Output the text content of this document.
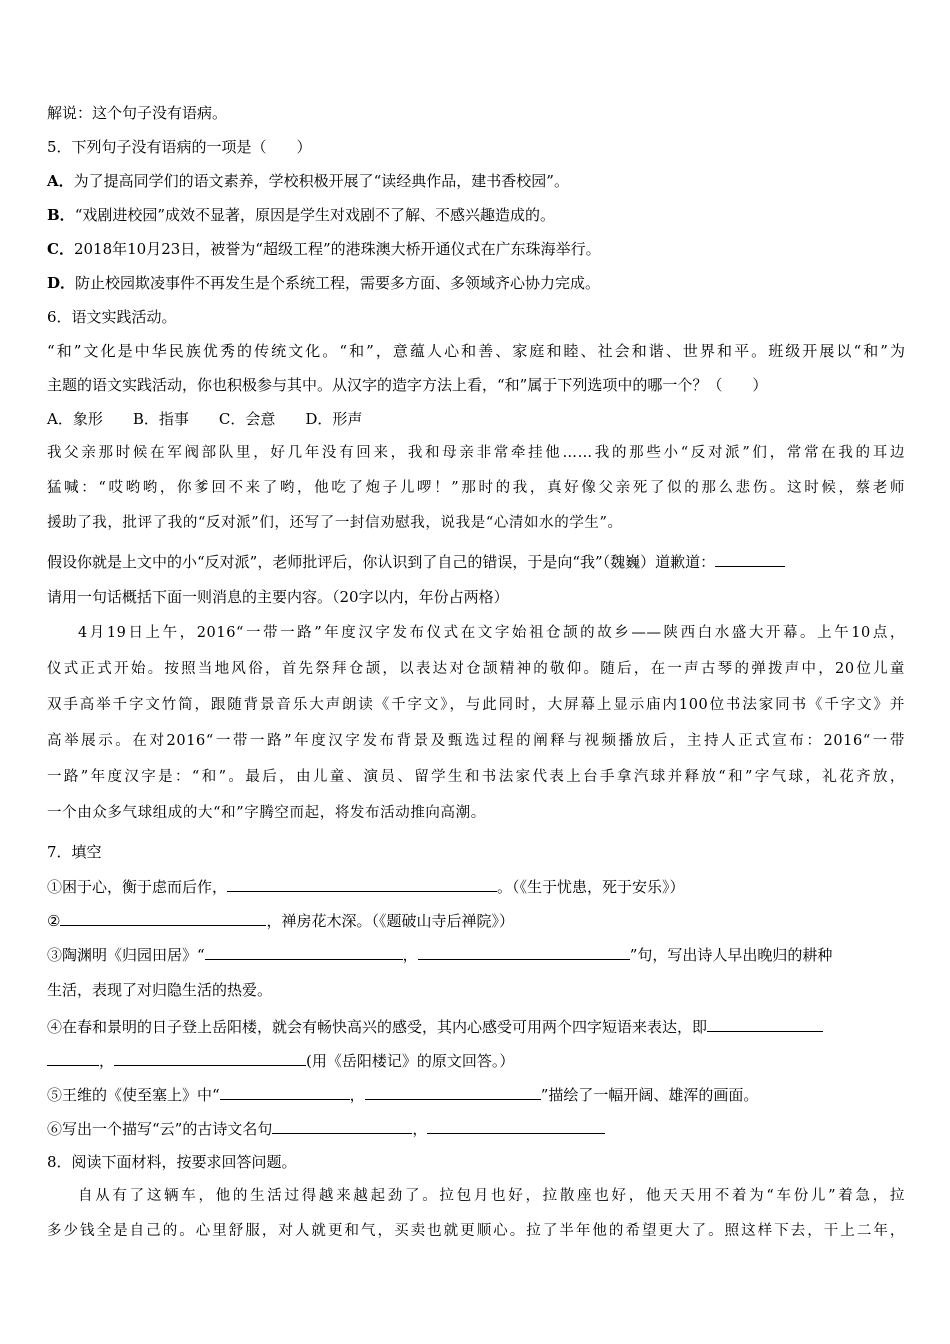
解说：这个句子没有语病。
5．下列句子没有语病的一项是（　　）
A．为了提高同学们的语文素养，学校积极开展了“读经典作品，建书香校园”。
B．“戏剧进校园”成效不显著，原因是学生对戏剧不了解、不感兴趣造成的。
C．2018年10月23日，被誉为“超级工程”的港珠澳大桥开通仪式在广东珠海举行。
D．防止校园欺凌事件不再发生是个系统工程，需要多方面、多领域齐心协力完成。
6．语文实践活动。
“和”文化是中华民族优秀的传统文化。“和”，意蕴人心和善、家庭和睦、社会和谐、世界和平。班级开展以“和”为
主题的语文实践活动，你也积极参与其中。从汉字的造字方法上看，“和”属于下列选项中的哪一个？（　　）
A．象形　　B．指事　　C．会意　　D．形声
我父亲那时候在军阀部队里，好几年没有回来，我和母亲非常牵挂他……我的那些小“反对派”们，常常在我的耳边
猛喊：“哎哟哟，你爹回不来了哟，他吃了炮子儿啰！”那时的我，真好像父亲死了似的那么悲伤。这时候，蔡老师
援助了我，批评了我的“反对派”们，还写了一封信劝慰我，说我是“心清如水的学生”。
假设你就是上文中的小“反对派”，老师批评后，你认识到了自己的错误，于是向“我”（魏巍）道歉道：
请用一句话概括下面一则消息的主要内容。（20字以内，年份占两格）
4月19日上午，2016“一带一路”年度汉字发布仪式在文字始祖仓颉的故乡——陕西白水盛大开幕。上午10点，
仪式正式开始。按照当地风俗，首先祭拜仓颉，以表达对仓颉精神的敬仰。随后，在一声古琴的弹拨声中，20位儿童
双手高举千字文竹简，跟随背景音乐大声朗读《千字文》，与此同时，大屏幕上显示庙内100位书法家同书《千字文》并
高举展示。在对2016“一带一路”年度汉字发布背景及甄选过程的阐释与视频播放后，主持人正式宣布：2016“一带
一路”年度汉字是：“和”。最后，由儿童、演员、留学生和书法家代表上台手拿汽球并释放“和”字气球，礼花齐放，
一个由众多气球组成的大“和”字腾空而起，将发布活动推向高潮。
7．填空
①困于心，衡于虑而后作，	。（《生于忧患，死于安乐》）
②	，禅房花木深。（《题破山寺后禅院》）
③陶渊明《归园田居》“	，	”句，写出诗人早出晚归的耕种
生活，表现了对归隐生活的热爱。
④在春和景明的日子登上岳阳楼，就会有畅快高兴的感受，其内心感受可用两个四字短语来表达，即
，	(用《岳阳楼记》的原文回答。）
⑤王维的《使至塞上》中“	，	”描绘了一幅开阔、雄浑的画面。
⑥写出一个描写“云”的古诗文名句	，
8．阅读下面材料，按要求回答问题。
自从有了这辆车，他的生活过得越来越起劲了。拉包月也好，拉散座也好，他天天用不着为“车份儿”着急，拉
多少钱全是自己的。心里舒服，对人就更和气，买卖也就更顺心。拉了半年他的希望更大了。照这样下去，干上二年，
